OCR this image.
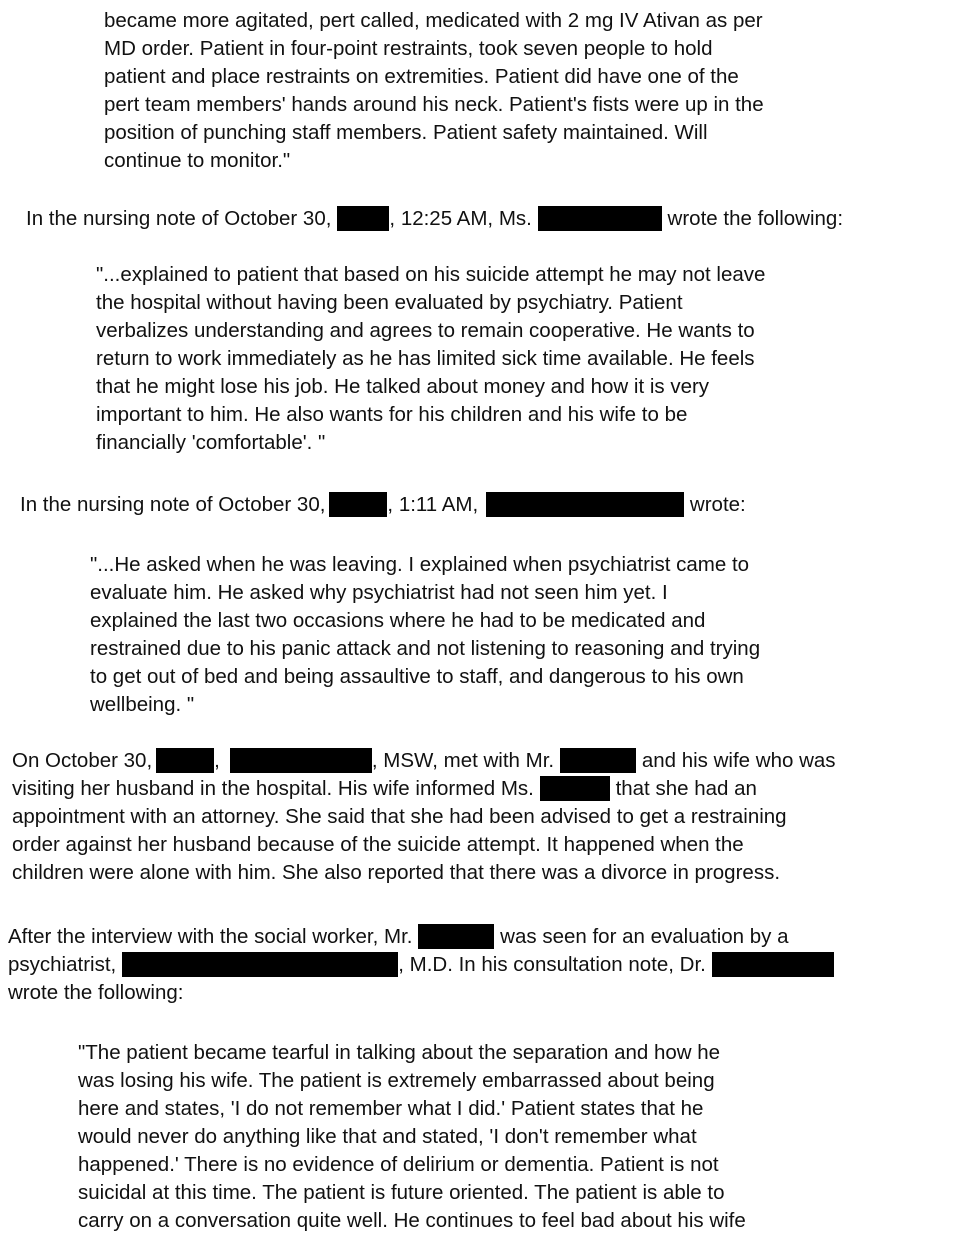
became more agitated, pert called, medicated with 2 mg IV Ativan as per
MD order. Patient in four-point restraints, took seven people to hold
patient and place restraints on extremities. Patient did have one of the
pert team members' hands around his neck. Patient's fists were up in the
position of punching staff members. Patient safety maintained. Will
continue to monitor."
In the nursing note of October 30,	, 12:25 AM, Ms.	wrote the following:
"...explained to patient that based on his suicide attempt he may not leave
the hospital without having been evaluated by psychiatry. Patient
verbalizes understanding and agrees to remain cooperative. He wants to
return to work immediately as he has limited sick time available. He feels
that he might lose his job. He talked about money and how it is very
important to him. He also wants for his children and his wife to be
financially 'comfortable'. "
In the nursing note of October 30,	, 1:11 AM,	wrote:
"...He asked when he was leaving. I explained when psychiatrist came to
evaluate him. He asked why psychiatrist had not seen him yet. I
explained the last two occasions where he had to be medicated and
restrained due to his panic attack and not listening to reasoning and trying
to get out of bed and being assaultive to staff, and dangerous to his own
wellbeing. "
On October 30,	,	, MSW, met with Mr.	and his wife who was
visiting her husband in the hospital. His wife informed Ms.	that she had an
appointment with an attorney. She said that she had been advised to get a restraining
order against her husband because of the suicide attempt. It happened when the
children were alone with him. She also reported that there was a divorce in progress.
After the interview with the social worker, Mr.	was seen for an evaluation by a
psychiatrist,	, M.D. In his consultation note, Dr.
wrote the following:
"The patient became tearful in talking about the separation and how he
was losing his wife. The patient is extremely embarrassed about being
here and states, 'I do not remember what I did.' Patient states that he
would never do anything like that and stated, 'I don't remember what
happened.' There is no evidence of delirium or dementia. Patient is not
suicidal at this time. The patient is future oriented. The patient is able to
carry on a conversation quite well. He continues to feel bad about his wife
